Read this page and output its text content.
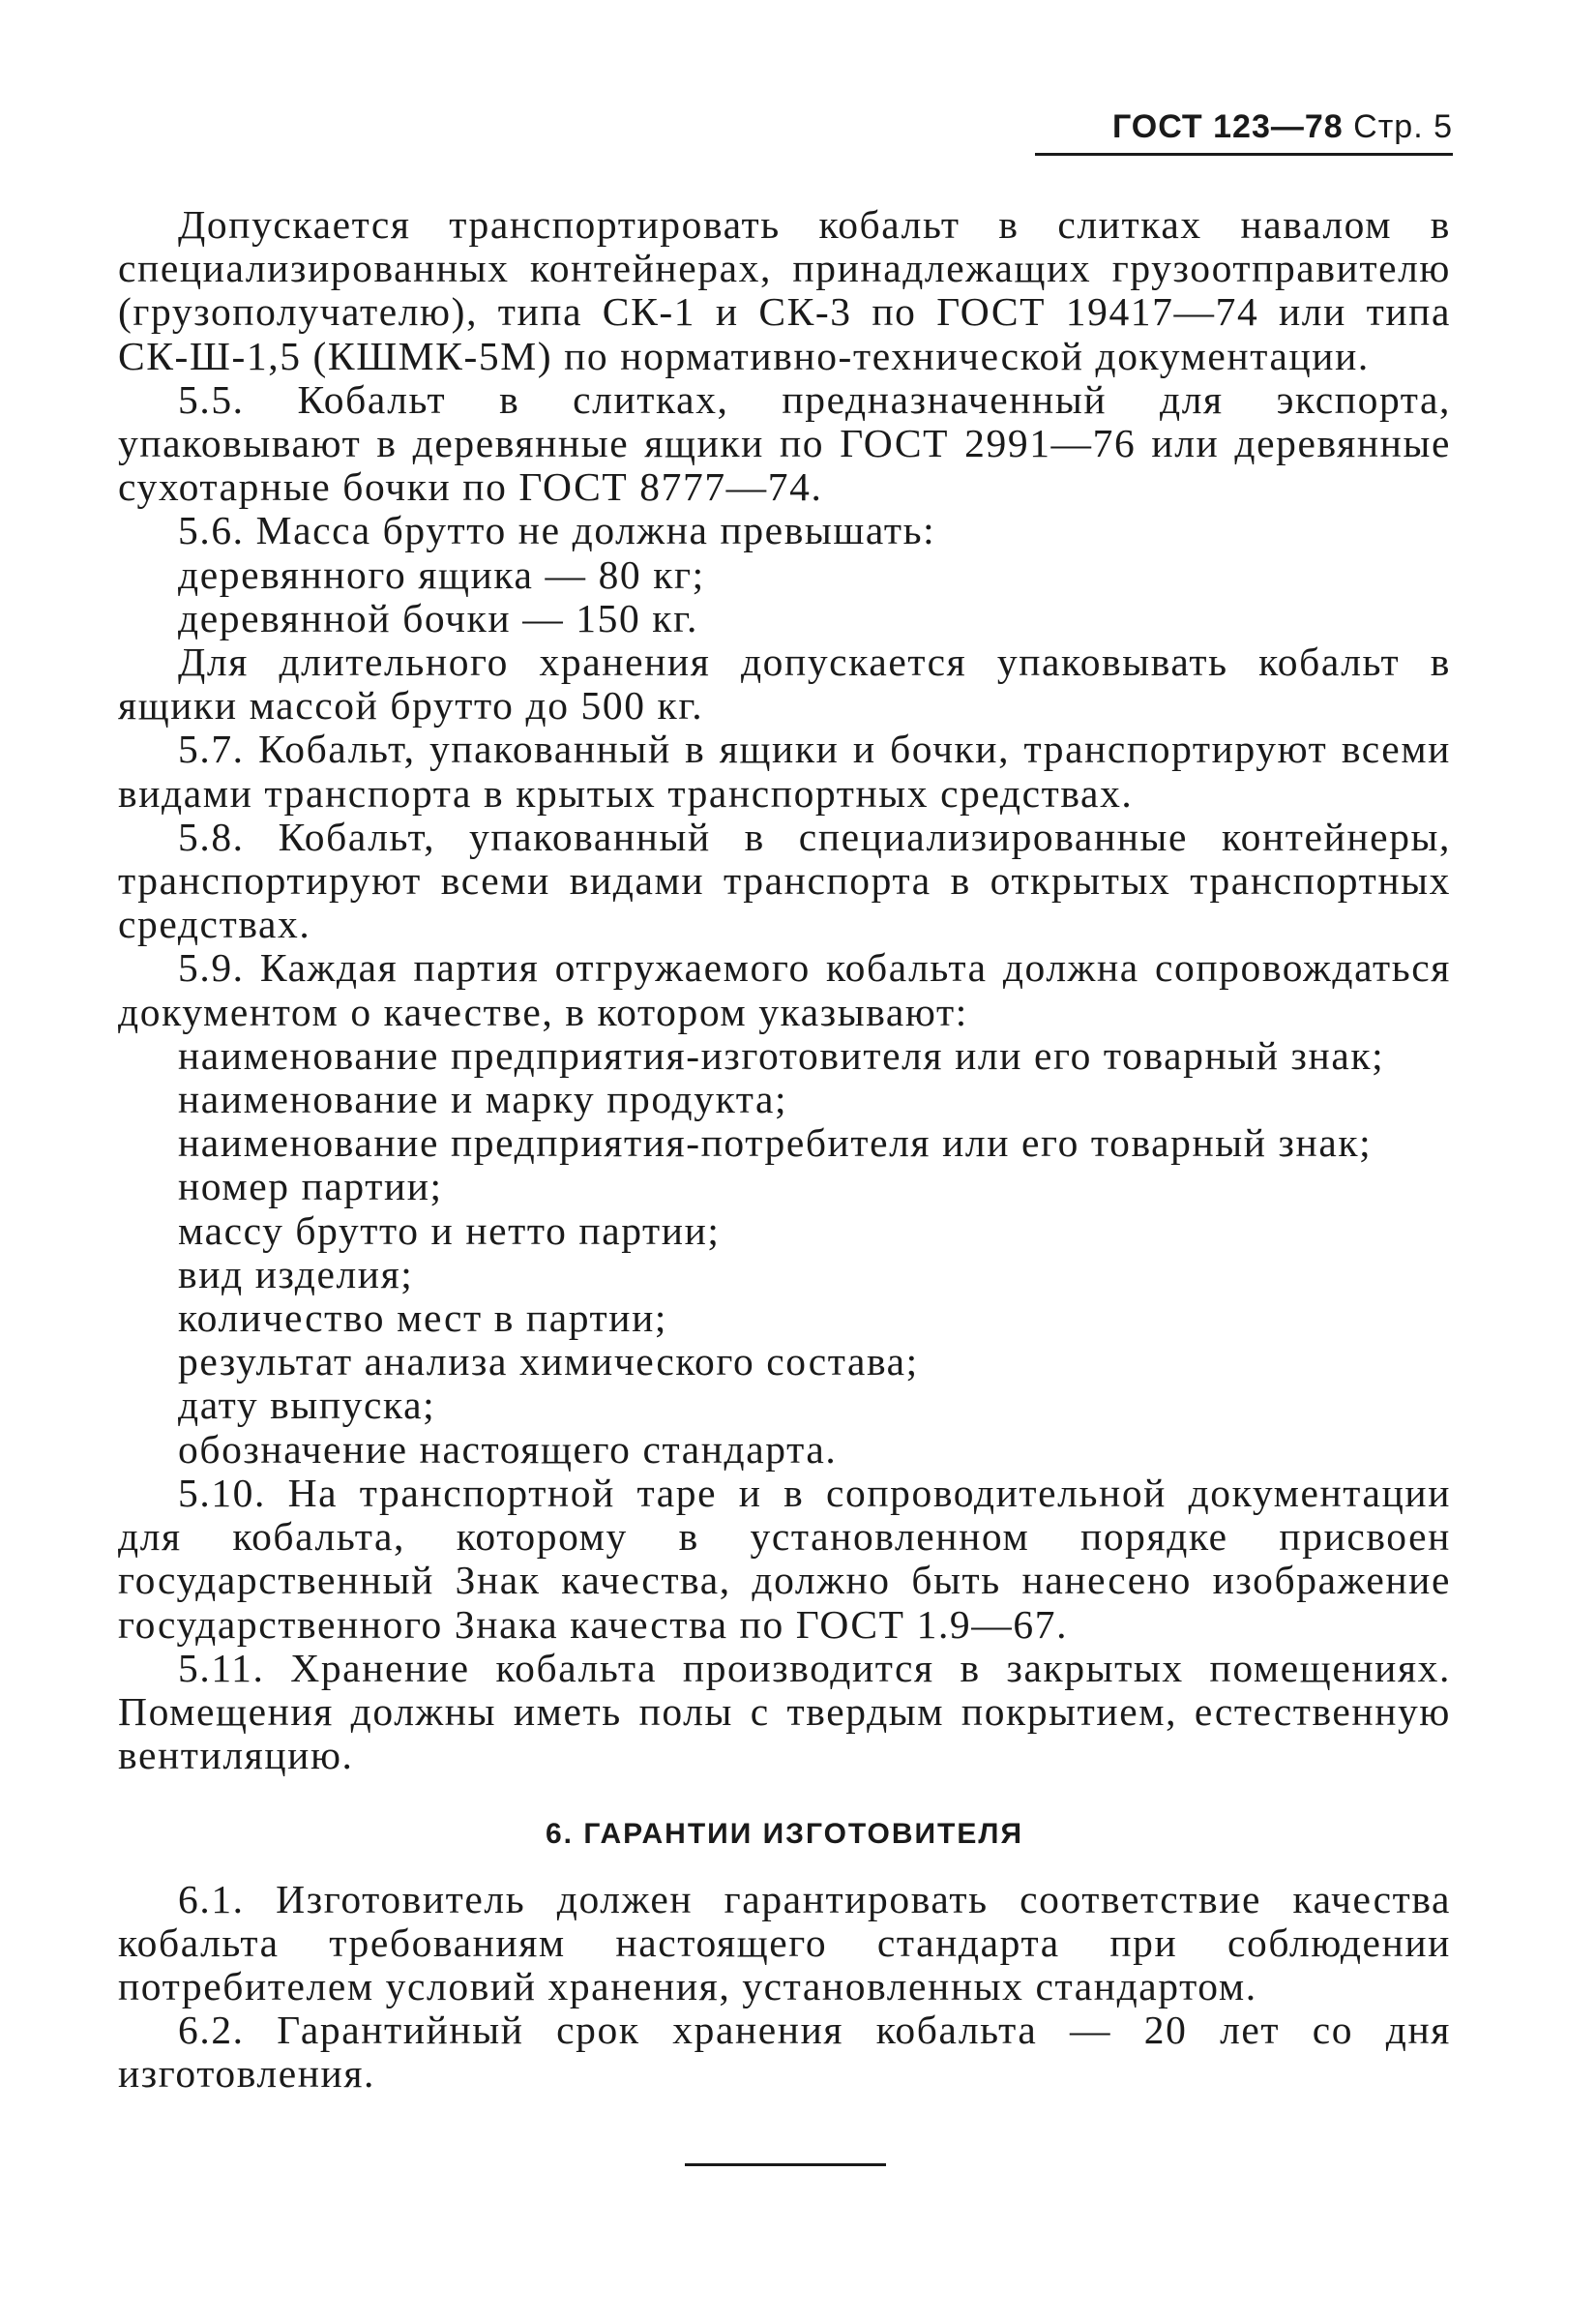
ГОСТ 123—78 Стр. 5

Допускается транспортировать кобальт в слитках навалом в специализированных контейнерах, принадлежащих грузоотправителю (грузополучателю), типа СК-1 и СК-3 по ГОСТ 19417—74 или типа СК-Ш-1,5 (КШМК-5М) по нормативно-технической документации.

5.5. Кобальт в слитках, предназначенный для экспорта, упаковывают в деревянные ящики по ГОСТ 2991—76 или деревянные сухотарные бочки по ГОСТ 8777—74.

5.6. Масса брутто не должна превышать:

деревянного ящика — 80 кг;

деревянной бочки — 150 кг.

Для длительного хранения допускается упаковывать кобальт в ящики массой брутто до 500 кг.

5.7. Кобальт, упакованный в ящики и бочки, транспортируют всеми видами транспорта в крытых транспортных средствах.

5.8. Кобальт, упакованный в специализированные контейнеры, транспортируют всеми видами транспорта в открытых транспортных средствах.

5.9. Каждая партия отгружаемого кобальта должна сопровождаться документом о качестве, в котором указывают:

наименование предприятия-изготовителя или его товарный знак;

наименование и марку продукта;

наименование предприятия-потребителя или его товарный знак;

номер партии;

массу брутто и нетто партии;

вид изделия;

количество мест в партии;

результат анализа химического состава;

дату выпуска;

обозначение настоящего стандарта.

5.10. На транспортной таре и в сопроводительной документации для кобальта, которому в установленном порядке присвоен государственный Знак качества, должно быть нанесено изображение государственного Знака качества по ГОСТ 1.9—67.

5.11. Хранение кобальта производится в закрытых помещениях. Помещения должны иметь полы с твердым покрытием, естественную вентиляцию.

6. ГАРАНТИИ ИЗГОТОВИТЕЛЯ

6.1. Изготовитель должен гарантировать соответствие качества кобальта требованиям настоящего стандарта при соблюдении потребителем условий хранения, установленных стандартом.

6.2. Гарантийный срок хранения кобальта — 20 лет со дня изготовления.
